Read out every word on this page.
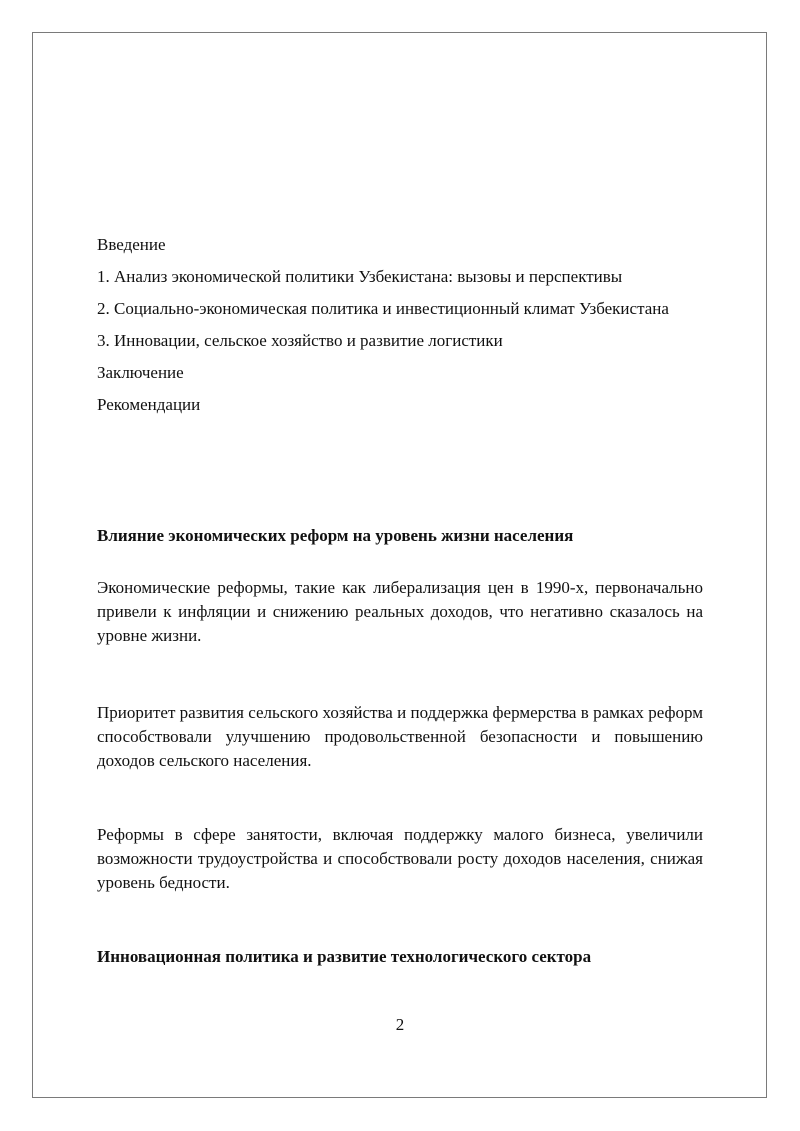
Введение
1. Анализ экономической политики Узбекистана: вызовы и перспективы
2. Социально-экономическая политика и инвестиционный климат Узбекистана
3. Инновации, сельское хозяйство и развитие логистики
Заключение
Рекомендации
Влияние экономических реформ на уровень жизни населения
Экономические реформы, такие как либерализация цен в 1990-х, первоначально привели к инфляции и снижению реальных доходов, что негативно сказалось на уровне жизни.
Приоритет развития сельского хозяйства и поддержка фермерства в рамках реформ способствовали улучшению продовольственной безопасности и повышению доходов сельского населения.
Реформы в сфере занятости, включая поддержку малого бизнеса, увеличили возможности трудоустройства и способствовали росту доходов населения, снижая уровень бедности.
Инновационная политика и развитие технологического сектора
2
